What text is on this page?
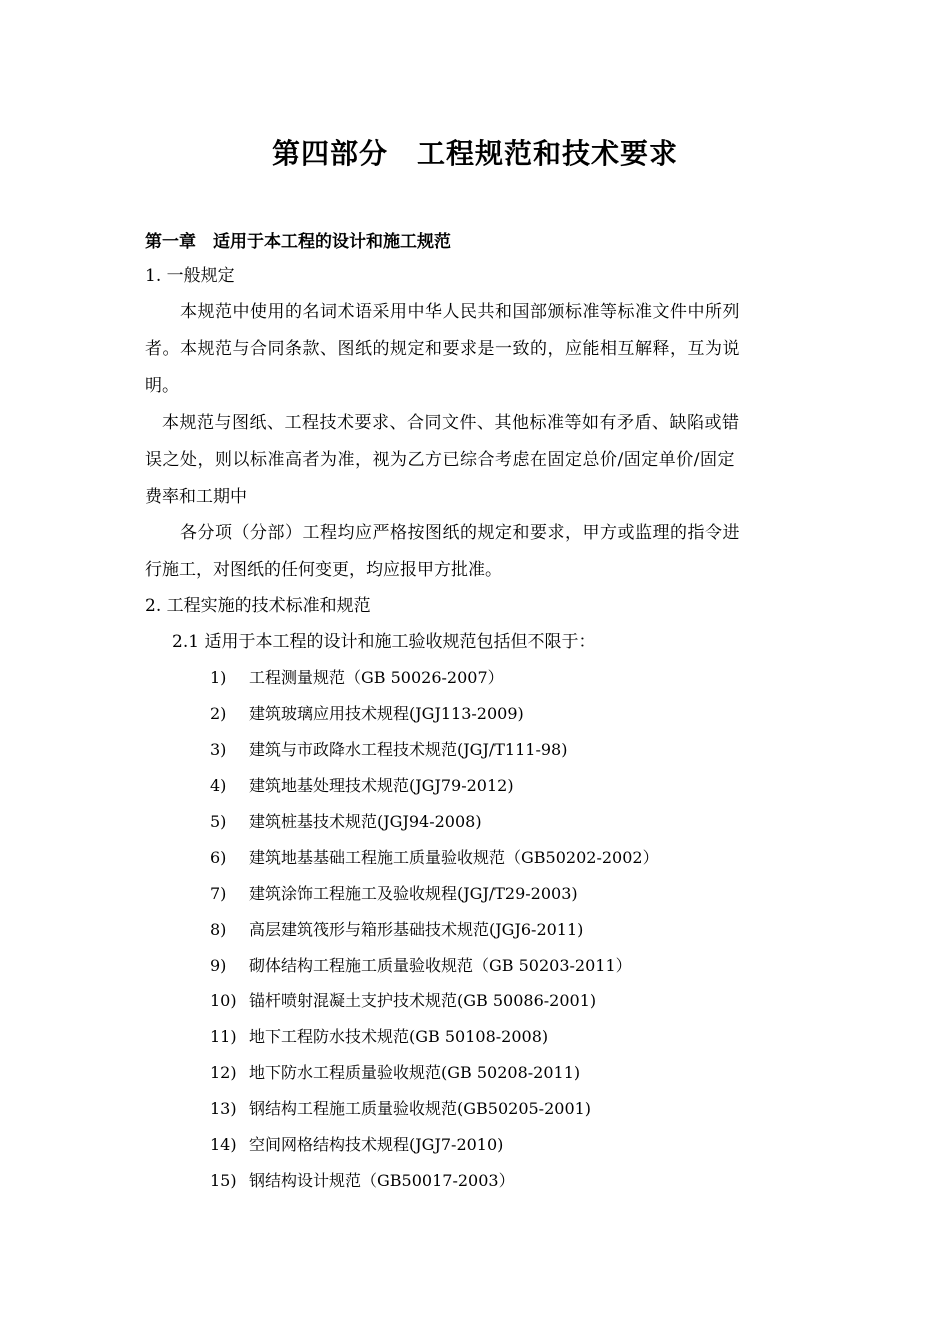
第四部分　工程规范和技术要求
第一章　适用于本工程的设计和施工规范
1. 一般规定
本规范中使用的名词术语采用中华人民共和国部颁标准等标准文件中所列
者。本规范与合同条款、图纸的规定和要求是一致的，应能相互解释，互为说
明。
本规范与图纸、工程技术要求、合同文件、其他标准等如有矛盾、缺陷或错
误之处，则以标准高者为准，视为乙方已综合考虑在固定总价/固定单价/固定
费率和工期中
各分项（分部）工程均应严格按图纸的规定和要求，甲方或监理的指令进
行施工，对图纸的任何变更，均应报甲方批准。
2. 工程实施的技术标准和规范
2.1 适用于本工程的设计和施工验收规范包括但不限于：
1) 工程测量规范（GB 50026-2007）
2) 建筑玻璃应用技术规程(JGJ113-2009)
3) 建筑与市政降水工程技术规范(JGJ/T111-98)
4) 建筑地基处理技术规范(JGJ79-2012)
5) 建筑桩基技术规范(JGJ94-2008)
6) 建筑地基基础工程施工质量验收规范（GB50202-2002）
7) 建筑涂饰工程施工及验收规程(JGJ/T29-2003)
8) 高层建筑筏形与箱形基础技术规范(JGJ6-2011)
9) 砌体结构工程施工质量验收规范（GB 50203-2011）
10) 锚杆喷射混凝土支护技术规范(GB 50086-2001)
11) 地下工程防水技术规范(GB 50108-2008)
12) 地下防水工程质量验收规范(GB 50208-2011)
13) 钢结构工程施工质量验收规范(GB50205-2001)
14) 空间网格结构技术规程(JGJ7-2010)
15) 钢结构设计规范（GB50017-2003）
